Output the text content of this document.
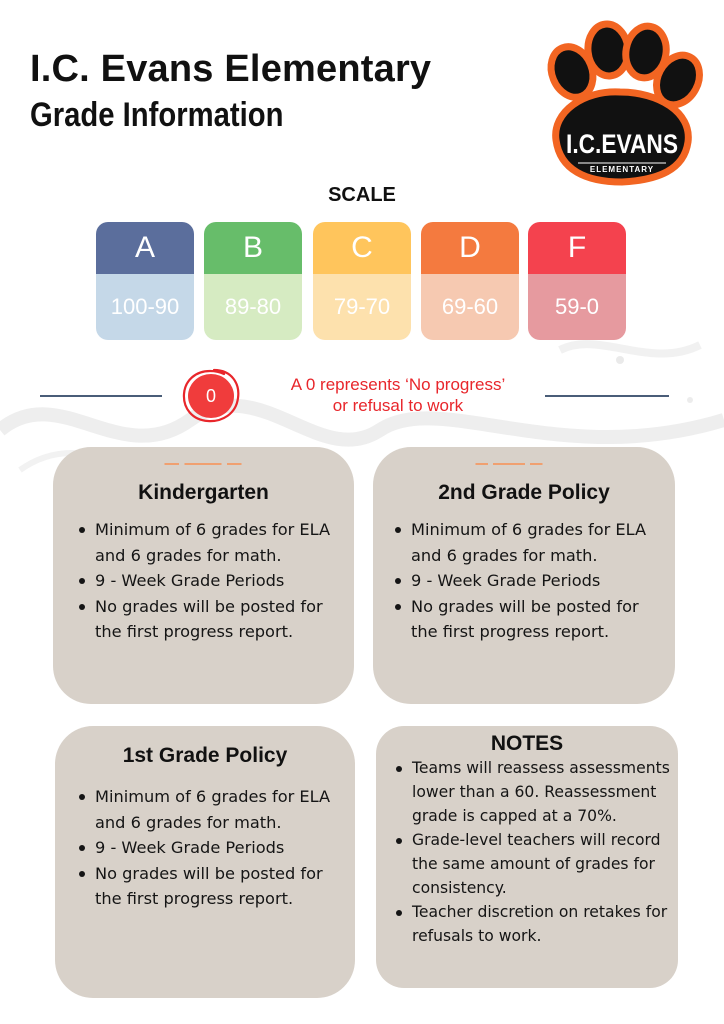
I.C. Evans Elementary
Grade Information
I.C.EVANS
ELEMENTARY
SCALE
A
100-90
B
89-80
C
79-70
D
69-60
F
59-0
0
A 0 represents ‘No progress’
or refusal to work
Kindergarten
Minimum of 6 grades for ELA and 6 grades for math.
9 - Week Grade Periods
No grades will be posted for the first progress report.
2nd Grade Policy
Minimum of 6 grades for ELA and 6 grades for math.
9 - Week Grade Periods
No grades will be posted for the first progress report.
1st Grade Policy
Minimum of 6 grades for ELA and 6 grades for math.
9 - Week Grade Periods
No grades will be posted for the first progress report.
NOTES
Teams will reassess assessments lower than a 60. Reassessment grade is capped at a 70%.
Grade-level teachers will record the same amount of grades for consistency.
Teacher discretion on retakes for refusals to work.
